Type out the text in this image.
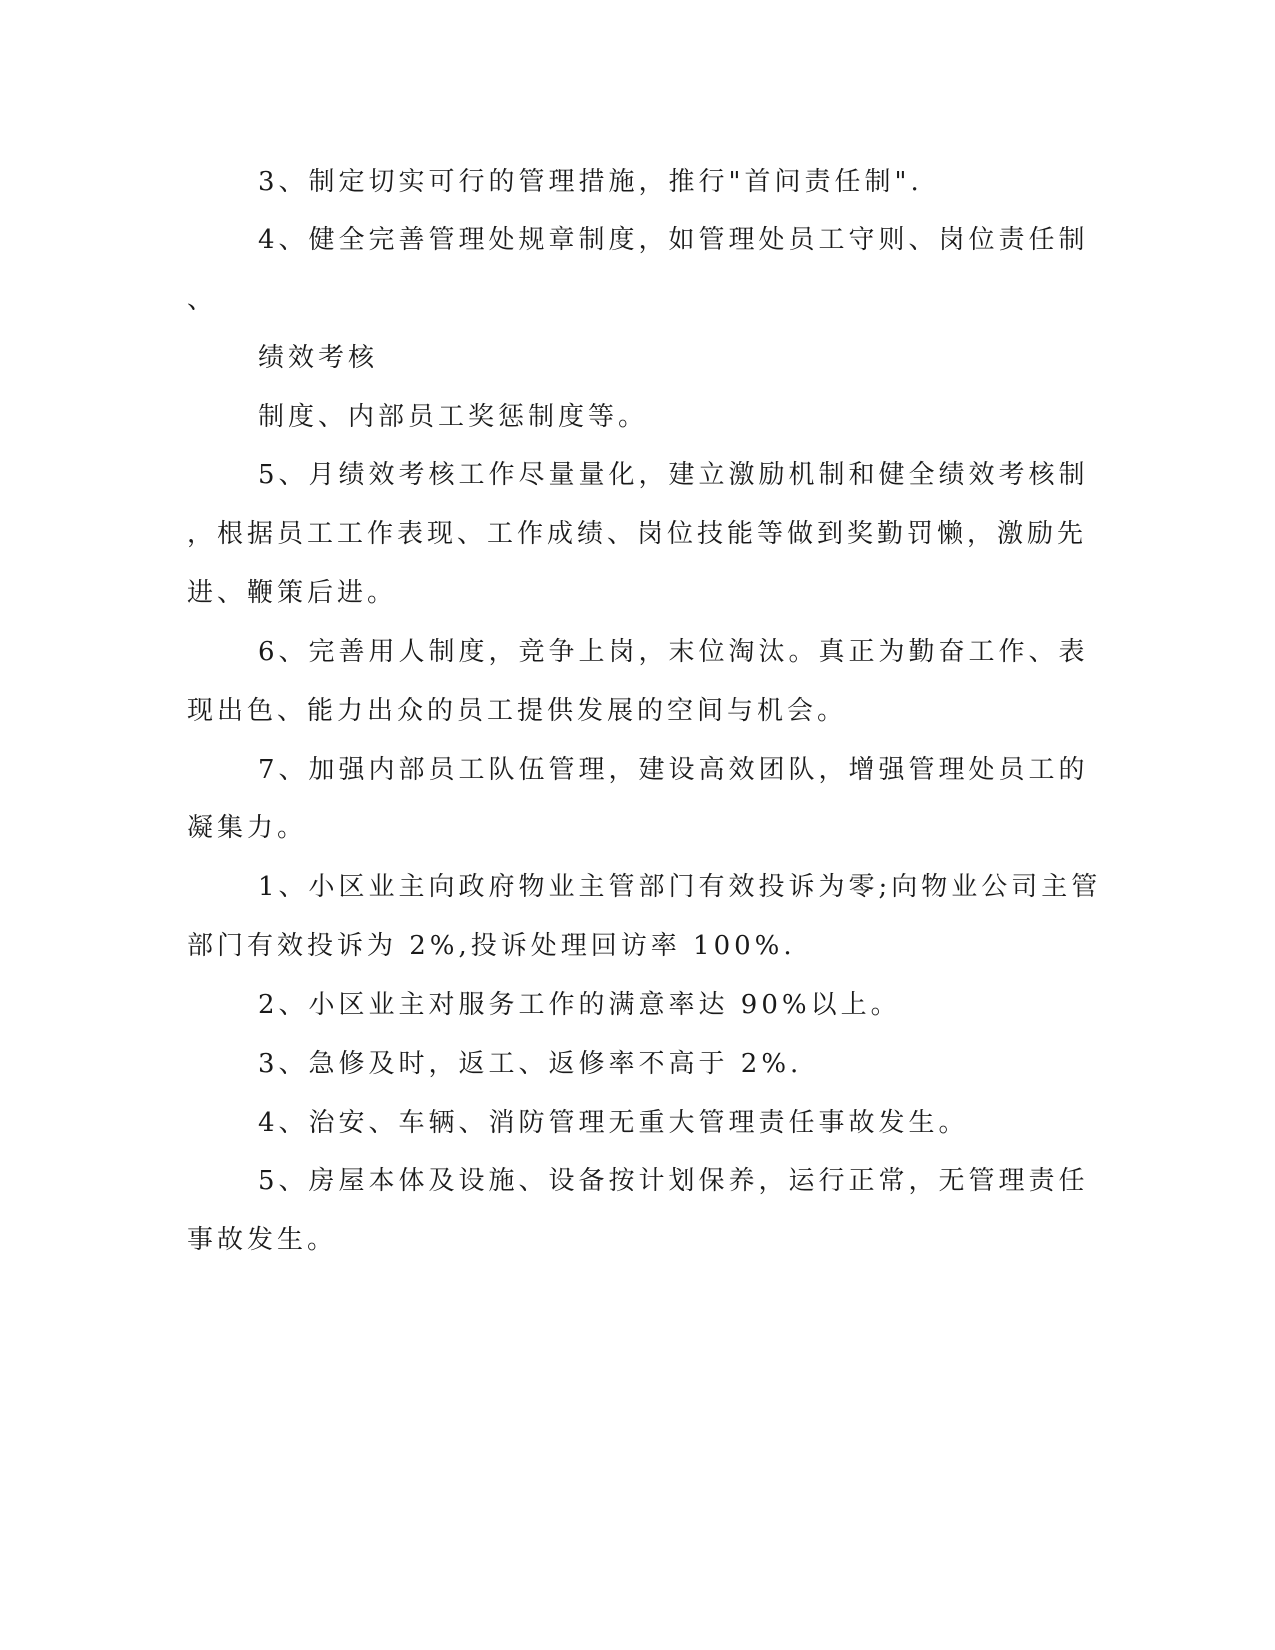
3、制定切实可行的管理措施，推行"首问责任制".
4、健全完善管理处规章制度，如管理处员工守则、岗位责任制
、
绩效考核
制度、内部员工奖惩制度等。
5、月绩效考核工作尽量量化，建立激励机制和健全绩效考核制
，根据员工工作表现、工作成绩、岗位技能等做到奖勤罚懒，激励先
进、鞭策后进。
6、完善用人制度，竞争上岗，末位淘汰。真正为勤奋工作、表
现出色、能力出众的员工提供发展的空间与机会。
7、加强内部员工队伍管理，建设高效团队，增强管理处员工的
凝集力。
1、小区业主向政府物业主管部门有效投诉为零;向物业公司主管
部门有效投诉为 2%,投诉处理回访率 100%.
2、小区业主对服务工作的满意率达 90%以上。
3、急修及时，返工、返修率不高于 2%.
4、治安、车辆、消防管理无重大管理责任事故发生。
5、房屋本体及设施、设备按计划保养，运行正常，无管理责任
事故发生。
